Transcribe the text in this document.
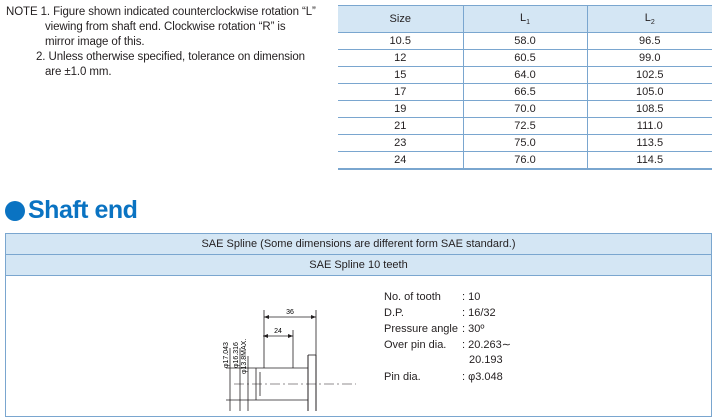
NOTE 1. Figure shown indicated counterclockwise rotation “L”
viewing from shaft end. Clockwise rotation “R” is
mirror image of this.
2. Unless otherwise specified, tolerance on dimension
are ±1.0 mm.
Size	$L_1$	$L_2$
10.5	58.0	96.5
12	60.5	99.0
15	64.0	102.5
17	66.5	105.0
19	70.0	108.5
21	72.5	111.0
23	75.0	113.5
24	76.0	114.5
Shaft end
SAE Spline (Some dimensions are different form SAE standard.)
SAE Spline 10 teeth
36
24
φ17.043 φ16.316 φ13.8MAX.
No. of tooth	: 10
D.P.	: 16/32
Pressure angle : 30º
Over pin dia.	: 20.263∼
20.193
Pin dia.	: φ3.048
